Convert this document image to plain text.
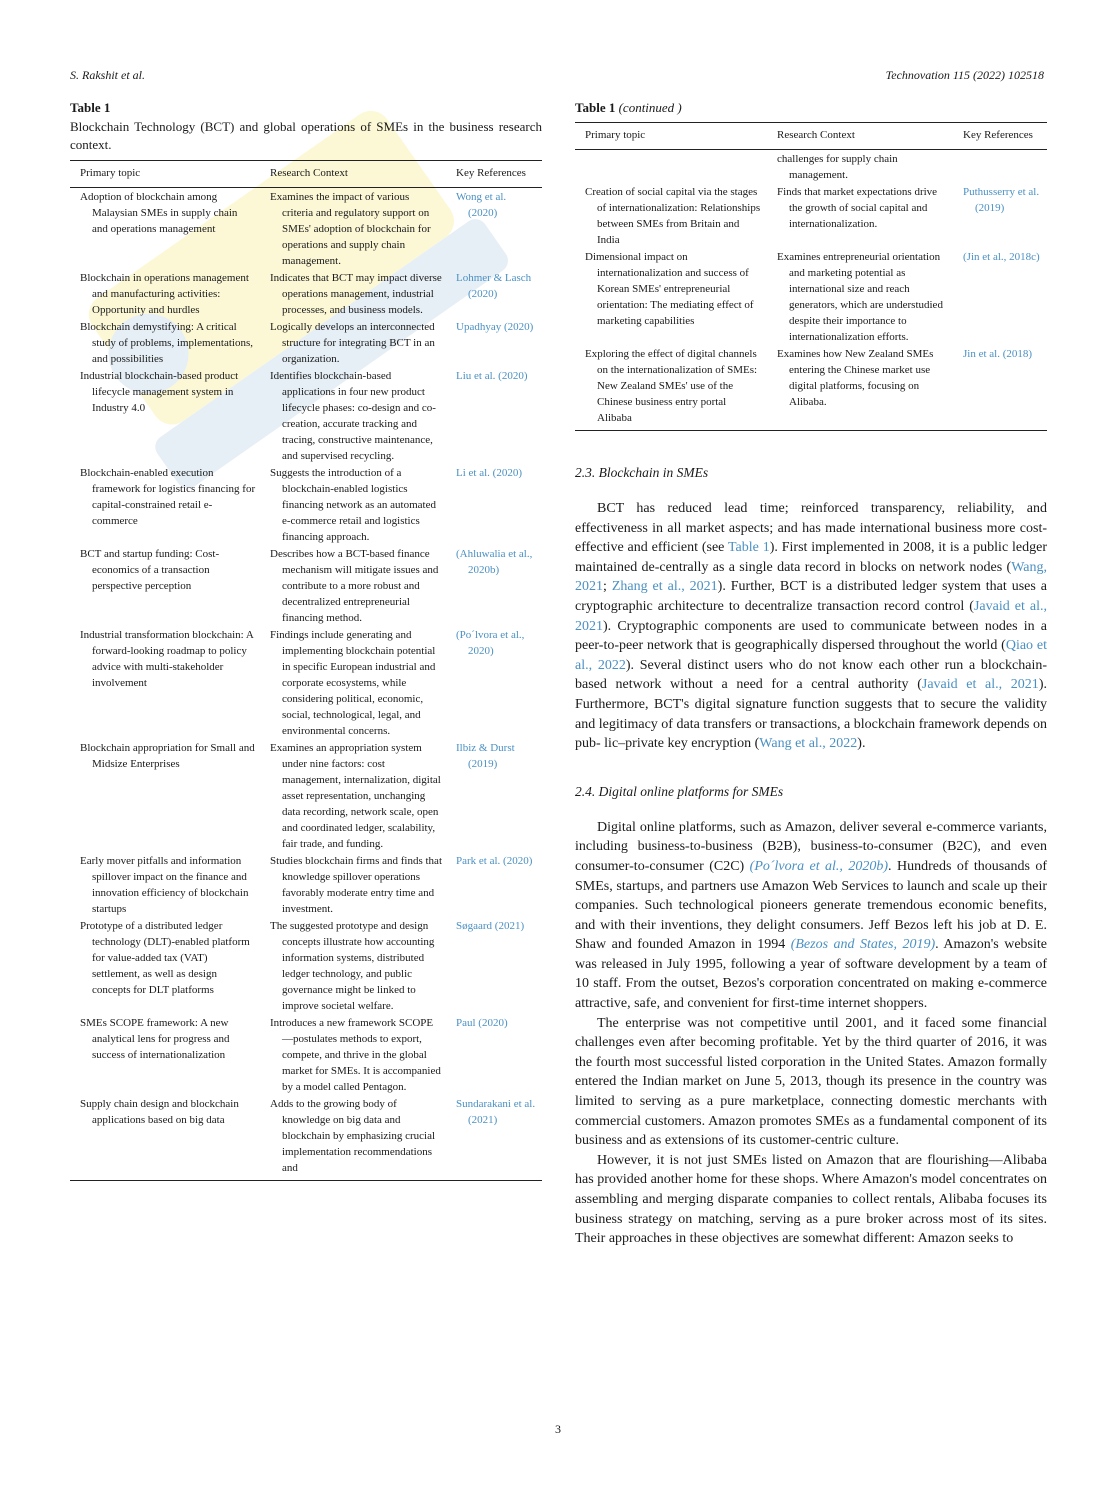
S. Rakshit et al.	Technovation 115 (2022) 102518

Table 1

Blockchain Technology (BCT) and global operations of SMEs in the business research context.

Primary topic	Research Context	Key References

Adoption of blockchain among Malaysian SMEs in supply chain and operations management	Examines the impact of various criteria and regulatory support on SMEs' adoption of blockchain for operations and supply chain management.	Wong et al. (2020)

Blockchain in operations management and manufacturing activities: Opportunity and hurdles	Indicates that BCT may impact diverse operations management, industrial processes, and business models.	Lohmer & Lasch (2020)

Blockchain demystifying: A critical study of problems, implementations, and possibilities	Logically develops an interconnected structure for integrating BCT in an organization.	Upadhyay (2020)

Industrial blockchain-based product lifecycle management system in Industry 4.0	Identifies blockchain-based applications in four new product lifecycle phases: co-design and co-creation, accurate tracking and tracing, constructive maintenance, and supervised recycling.	Liu et al. (2020)

Blockchain-enabled execution framework for logistics financing for capital-constrained retail e-commerce	Suggests the introduction of a blockchain-enabled logistics financing network as an automated e-commerce retail and logistics financing approach.	Li et al. (2020)

BCT and startup funding: Cost-economics of a transaction perspective perception	Describes how a BCT-based finance mechanism will mitigate issues and contribute to a more robust and decentralized entrepreneurial financing method.	(Ahluwalia et al., 2020b)

Industrial transformation blockchain: A forward-looking roadmap to policy advice with multi-stakeholder involvement	Findings include generating and implementing blockchain potential in specific European industrial and corporate ecosystems, while considering political, economic, social, technological, legal, and environmental concerns.	(Po´lvora et al., 2020)

Blockchain appropriation for Small and Midsize Enterprises	Examines an appropriation system under nine factors: cost management, internalization, digital asset representation, unchanging data recording, network scale, open and coordinated ledger, scalability, fair trade, and funding.	Ilbiz & Durst (2019)

Early mover pitfalls and information spillover impact on the finance and innovation efficiency of blockchain startups	Studies blockchain firms and finds that knowledge spillover operations favorably moderate entry time and investment.	Park et al. (2020)

Prototype of a distributed ledger technology (DLT)-enabled platform for value-added tax (VAT) settlement, as well as design concepts for DLT platforms	The suggested prototype and design concepts illustrate how accounting information systems, distributed ledger technology, and public governance might be linked to improve societal welfare.	Søgaard (2021)

SMEs SCOPE framework: A new analytical lens for progress and success of internationalization	Introduces a new framework SCOPE—postulates methods to export, compete, and thrive in the global market for SMEs. It is accompanied by a model called Pentagon.	Paul (2020)

Supply chain design and blockchain applications based on big data	Adds to the growing body of knowledge on big data and blockchain by emphasizing crucial implementation recommendations and	Sundarakani et al. (2021)

Table 1 (continued )

Primary topic	Research Context	Key References

	challenges for supply chain management.	

Creation of social capital via the stages of internationalization: Relationships between SMEs from Britain and India	Finds that market expectations drive the growth of social capital and internationalization.	Puthusserry et al. (2019)

Dimensional impact on internationalization and success of Korean SMEs' entrepreneurial orientation: The mediating effect of marketing capabilities	Examines entrepreneurial orientation and marketing potential as international size and reach generators, which are understudied despite their importance to internationalization efforts.	(Jin et al., 2018c)

Exploring the effect of digital channels on the internationalization of SMEs: New Zealand SMEs' use of the Chinese business entry portal Alibaba	Examines how New Zealand SMEs entering the Chinese market use digital platforms, focusing on Alibaba.	Jin et al. (2018)
2.3. Blockchain in SMEs

BCT has reduced lead time; reinforced transparency, reliability, and effectiveness in all market aspects; and has made international business more cost-effective and efficient (see Table 1). First implemented in 2008, it is a public ledger maintained de-centrally as a single data record in blocks on network nodes (Wang, 2021; Zhang et al., 2021). Further, BCT is a distributed ledger system that uses a cryptographic architecture to decentralize transaction record control (Javaid et al., 2021). Cryptographic components are used to communicate between nodes in a peer-to-peer network that is geographically dispersed throughout the world (Qiao et al., 2022). Several distinct users who do not know each other run a blockchain-based network without a need for a central authority (Javaid et al., 2021). Furthermore, BCT's digital signature function suggests that to secure the validity and legitimacy of data transfers or transactions, a blockchain framework depends on pub- lic–private key encryption (Wang et al., 2022).

2.4. Digital online platforms for SMEs

Digital online platforms, such as Amazon, deliver several e-commerce variants, including business-to-business (B2B), business-to-consumer (B2C), and even consumer-to-consumer (C2C) (Po´lvora et al., 2020b). Hundreds of thousands of SMEs, startups, and partners use Amazon Web Services to launch and scale up their companies. Such technological pioneers generate tremendous economic benefits, and with their inventions, they delight consumers. Jeff Bezos left his job at D. E. Shaw and founded Amazon in 1994 (Bezos and States, 2019). Amazon's website was released in July 1995, following a year of software development by a team of 10 staff. From the outset, Bezos's corporation concentrated on making e-commerce attractive, safe, and convenient for first-time internet shoppers.

The enterprise was not competitive until 2001, and it faced some financial challenges even after becoming profitable. Yet by the third quarter of 2016, it was the fourth most successful listed corporation in the United States. Amazon formally entered the Indian market on June 5, 2013, though its presence in the country was limited to serving as a pure marketplace, connecting domestic merchants with commercial customers. Amazon promotes SMEs as a fundamental component of its business and as extensions of its customer-centric culture.

However, it is not just SMEs listed on Amazon that are flourishing—Alibaba has provided another home for these shops. Where Amazon's model concentrates on assembling and merging disparate companies to collect rentals, Alibaba focuses its business strategy on matching, serving as a pure broker across most of its sites. Their approaches in these objectives are somewhat different: Amazon seeks to

3
